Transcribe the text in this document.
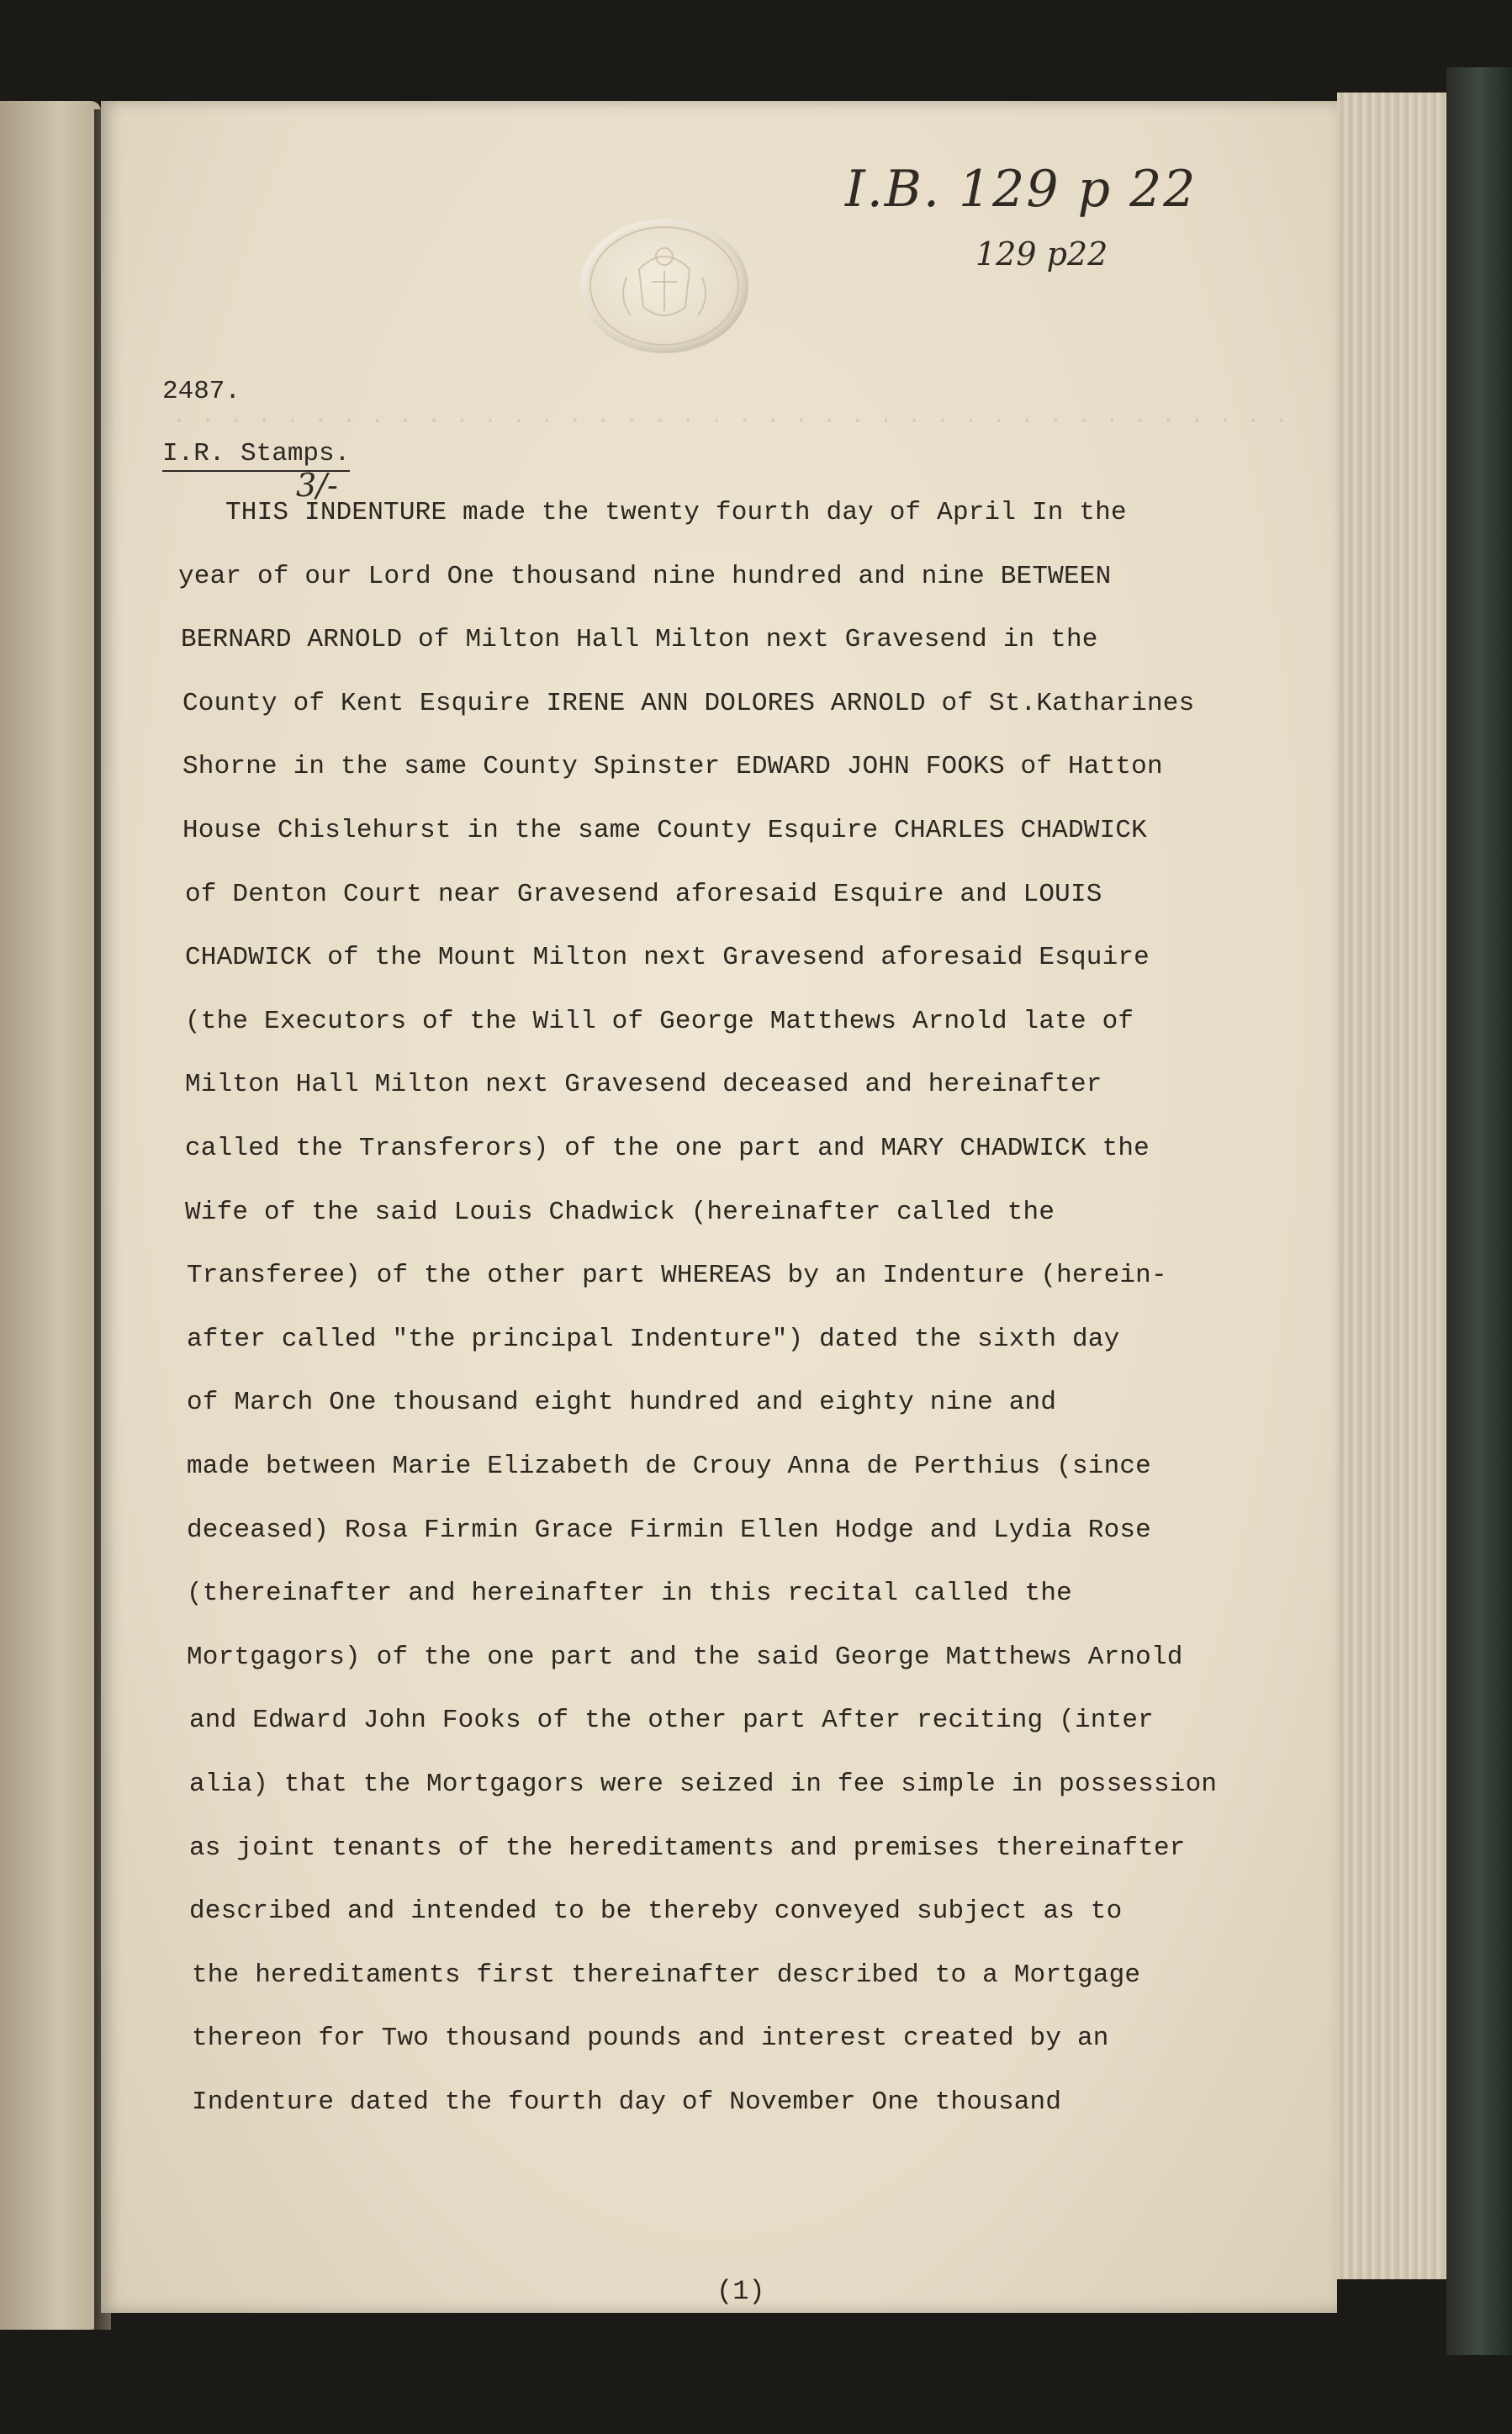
I.B. 129 p 22
129 p22
2487.
I.R. Stamps.
3/-
. . . . . . . . . . . . . . . . . . . . . . . . . . . . . . . . . . . . . . . .
THIS INDENTURE made the twenty fourth day of April In the
year of our Lord One thousand nine hundred and nine BETWEEN
BERNARD ARNOLD of Milton Hall Milton next Gravesend in the
County of Kent Esquire IRENE ANN DOLORES ARNOLD of St.Katharines
Shorne in the same County Spinster EDWARD JOHN FOOKS of Hatton
House Chislehurst in the same County Esquire CHARLES CHADWICK
of Denton Court near Gravesend aforesaid Esquire and LOUIS
CHADWICK of the Mount Milton next Gravesend aforesaid Esquire
(the Executors of the Will of George Matthews Arnold late of
Milton Hall Milton next Gravesend deceased and hereinafter
called the Transferors) of the one part and MARY CHADWICK the
Wife of the said Louis Chadwick (hereinafter called the
Transferee) of the other part WHEREAS by an Indenture (herein-
after called "the principal Indenture") dated the sixth day
of March One thousand eight hundred and eighty nine and
made between Marie Elizabeth de Crouy Anna de Perthius (since
deceased) Rosa Firmin Grace Firmin Ellen Hodge and Lydia Rose
(thereinafter and hereinafter in this recital called the
Mortgagors) of the one part and the said George Matthews Arnold
and Edward John Fooks of the other part After reciting (inter
alia) that the Mortgagors were seized in fee simple in possession
as joint tenants of the hereditaments and premises thereinafter
described and intended to be thereby conveyed subject as to
the hereditaments first thereinafter described to a Mortgage
thereon for Two thousand pounds and interest created by an
Indenture dated the fourth day of November One thousand
(1)
